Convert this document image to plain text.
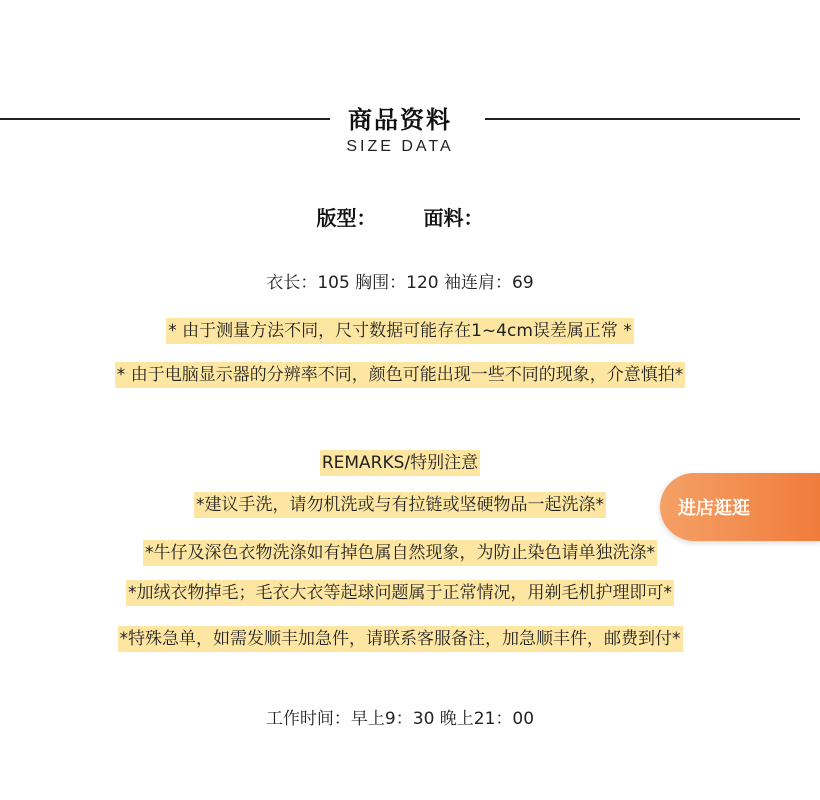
商品资料
SIZE DATA
版型： 面料：
衣长：105 胸围：120 袖连肩：69
* 由于测量方法不同，尺寸数据可能存在1~4cm误差属正常 *
* 由于电脑显示器的分辨率不同，颜色可能出现一些不同的现象，介意慎拍*
REMARKS/特别注意
*建议手洗，请勿机洗或与有拉链或坚硬物品一起洗涤*
*牛仔及深色衣物洗涤如有掉色属自然现象，为防止染色请单独洗涤*
*加绒衣物掉毛；毛衣大衣等起球问题属于正常情况，用剃毛机护理即可*
*特殊急单，如需发顺丰加急件，请联系客服备注，加急顺丰件，邮费到付*
工作时间：早上9：30 晚上21：00
进店逛逛
